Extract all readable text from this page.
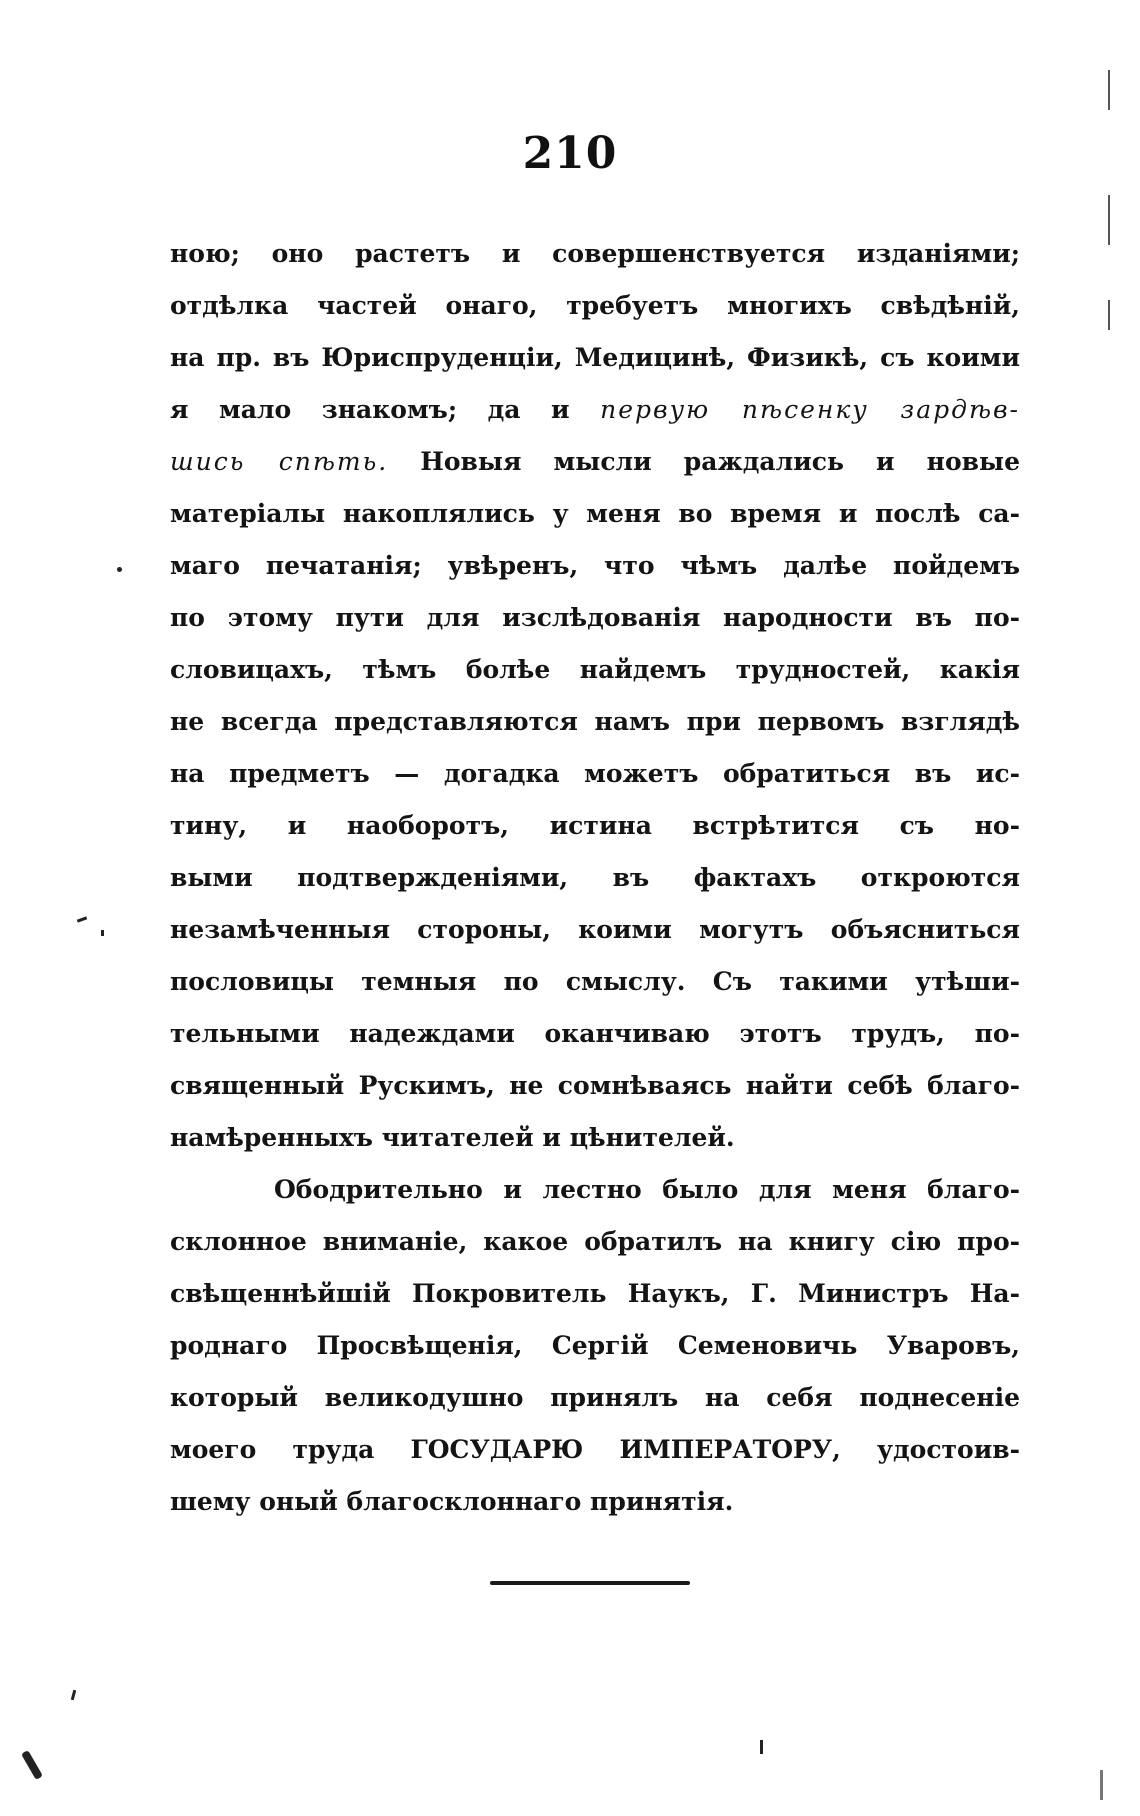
210
ною; оно растетъ и совершенствуется изданіями;
отдѣлка частей онаго, требуетъ многихъ свѣдѣній,
на пр. въ Юриспруденціи, Медицинѣ, Физикѣ, съ коими
я мало знакомъ; да и первую пѣсенку зардѣв-
шись спѣть. Новыя мысли раждались и новые
матеріалы накоплялись у меня во время и послѣ са-
маго печатанія; увѣренъ, что чѣмъ далѣе пойдемъ
по этому пути для изслѣдованія народности въ по-
словицахъ, тѣмъ болѣе найдемъ трудностей, какія
не всегда представляются намъ при первомъ взглядѣ
на предметъ — догадка можетъ обратиться въ ис-
тину, и наоборотъ, истина встрѣтится съ но-
выми подтвержденіями, въ фактахъ откроются
незамѣченныя стороны, коими могутъ объясниться
пословицы темныя по смыслу. Съ такими утѣши-
тельными надеждами оканчиваю этотъ трудъ, по-
священный Рускимъ, не сомнѣваясь найти себѣ благо-
намѣренныхъ читателей и цѣнителей.
Ободрительно и лестно было для меня благо-
склонное вниманіе, какое обратилъ на книгу сію про-
свѣщеннѣйшій Покровитель Наукъ, Г. Министръ На-
роднаго Просвѣщенія, Сергій Семеновичь Уваровъ,
который великодушно принялъ на себя поднесеніе
моего труда ГОСУДАРЮ ИМПЕРАТОРУ, удостоив-
шему оный благосклоннаго принятія.
